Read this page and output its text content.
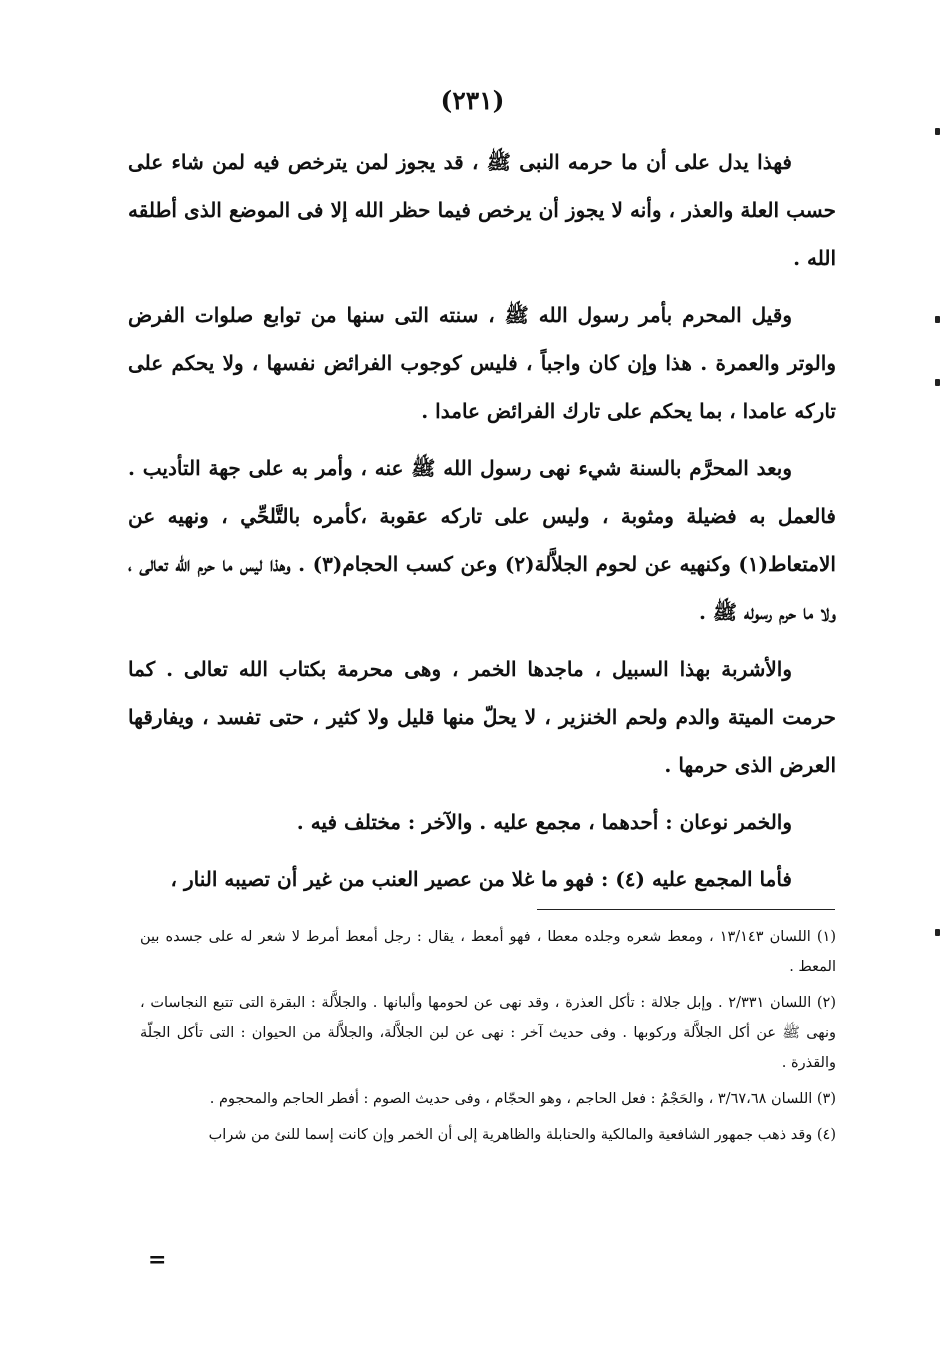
(٢٣١)

فهذا يدل على أن ما حرمه النبى ﷺ ، قد يجوز لمن يترخص فيه لمن شاء على حسب العلة والعذر ، وأنه لا يجوز أن يرخص فيما حظر الله إلا فى الموضع الذى أطلقه الله .

وقيل المحرم بأمر رسول الله ﷺ ، سنته التى سنها من توابع صلوات الفرض والوتر والعمرة . هذا وإن كان واجباً ، فليس كوجوب الفرائض نفسها ، ولا يحكم على تاركه عامدا ، بما يحكم على تارك الفرائض عامدا .

وبعد المحرَّم بالسنة شيء نهى رسول الله ﷺ عنه ، وأمر به على جهة التأديب . فالعمل به فضيلة ومثوبة ، وليس على تاركه عقوبة ،كأمره بالتَّلحِّي ، ونهيه عن الامتعاط(١) وكنهيه عن لحوم الجلاَّلة(٢) وعن كسب الحجام(٣) . وهذا ليس ما حرم الله تعالى ، ولا ما حرم رسوله ﷺ .

والأشربة بهذا السبيل ، ماجدها الخمر ، وهى محرمة بكتاب الله تعالى . كما حرمت الميتة والدم ولحم الخنزير ، لا يحلّ منها قليل ولا كثير ، حتى تفسد ، ويفارقها العرض الذى حرمها .

والخمر نوعان : أحدهما ، مجمع عليه . والآخر : مختلف فيه .

فأما المجمع عليه (٤) : فهو ما غلا من عصير العنب من غير أن تصيبه النار ،

(١) اللسان ١٣/١٤٣ ، ومعط شعره وجلده معطا ، فهو أمعط ، يقال : رجل أمعط أمرط لا شعر له على جسده بين المعط .

(٢) اللسان ٢/٣٣١ . وإبل جلالة : تأكل العذرة ، وقد نهى عن لحومها وألبانها . والجلاَّلة : البقرة التى تتبع النجاسات ، ونهى ﷺ عن أكل الجلاَّلة وركوبها . وفى حديث آخر : نهى عن لبن الجلاَّلة، والجلاَّلة من الحيوان : التى تأكل الجلّة والقذرة .

(٣) اللسان ٣/٦٧،٦٨ ، والحَجْمُ : فعل الحاجم ، وهو الحجّام ، وفى حديث الصوم : أفطر الحاجم والمحجوم .

(٤) وقد ذهب جمهور الشافعية والمالكية والحنابلة والظاهرية إلى أن الخمر وإن كانت إسما للنئ من شراب

=
